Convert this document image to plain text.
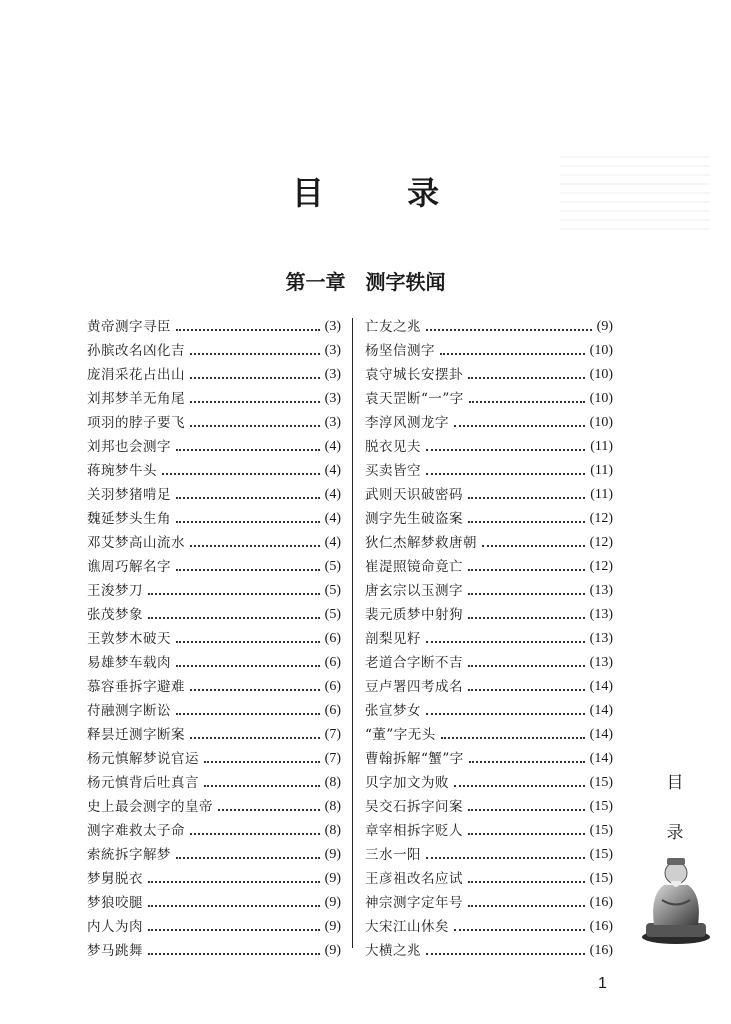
目 录
第一章　测字轶闻
黄帝测字寻臣	(3)
孙膑改名凶化吉	(3)
庞涓采花占出山	(3)
刘邦梦羊无角尾	(3)
项羽的脖子要飞	(3)
刘邦也会测字	(4)
蒋琬梦牛头	(4)
关羽梦猪啃足	(4)
魏延梦头生角	(4)
邓艾梦高山流水	(4)
谯周巧解名字	(5)
王浚梦刀	(5)
张茂梦象	(5)
王敦梦木破天	(6)
易雄梦车载肉	(6)
慕容垂拆字避难	(6)
苻融测字断讼	(6)
释昙迁测字断案	(7)
杨元慎解梦说官运	(7)
杨元慎背后吐真言	(8)
史上最会测字的皇帝	(8)
测字难救太子命	(8)
索統拆字解梦	(9)
梦舅脱衣	(9)
梦狼咬腿	(9)
内人为肉	(9)
梦马跳舞	(9)
亡友之兆	(9)
杨坚信测字	(10)
袁守城长安摆卦	(10)
袁天罡断“一”字	(10)
李淳风测龙字	(10)
脱衣见夫	(11)
买卖皆空	(11)
武则天识破密码	(11)
测字先生破盗案	(12)
狄仁杰解梦救唐朝	(12)
崔湜照镜命竟亡	(12)
唐玄宗以玉测字	(13)
裴元质梦中射狗	(13)
剖梨见籽	(13)
老道合字断不吉	(13)
豆卢署四考成名	(14)
张宣梦女	(14)
“董”字无头	(14)
曹翰拆解“蟹”字	(14)
贝字加文为败	(15)
吴交石拆字问案	(15)
章宰相拆字贬人	(15)
三水一阳	(15)
王彦祖改名应试	(15)
神宗测字定年号	(16)
大宋江山休矣	(16)
大横之兆	(16)
目
录
1
